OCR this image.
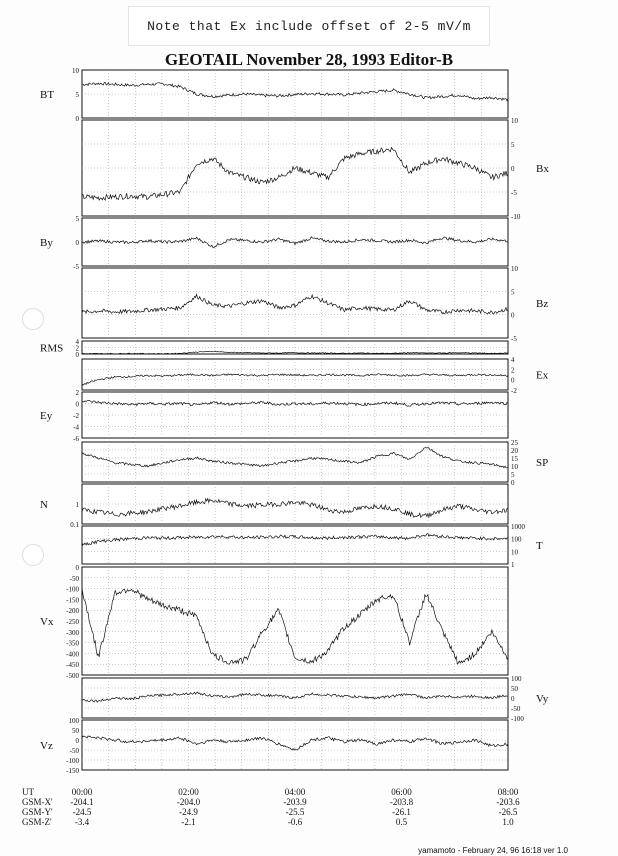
Note that Ex include offset of 2-5 mV/m
GEOTAIL November 28, 1993 Editor-B
10
5
0
BT
10
5
0
-5
-10
Bx
5
0
-5
By
10
5
0
-5
Bz
4
2
0
RMS
4
2
0
-2
Ex
2
0
-2
-4
-6
Ey
25
20
15
10
5
0
SP
1
0.1
N
1000
100
10
1
T
0
-50
-100
-150
-200
-250
-300
-350
-400
-450
-500
Vx
100
50
0
-50
-100
Vy
100
50
0
-50
-100
-150
Vz
UT
GSM-X'
GSM-Y'
GSM-Z'
00:00
-204.1
-24.5
-3.4
02:00
-204.0
-24.9
-2.1
04:00
-203.9
-25.5
-0.6
06:00
-203.8
-26.1
0.5
08:00
-203.6
-26.5
1.0
yamamoto - February 24, 96 16:18 ver 1.0
